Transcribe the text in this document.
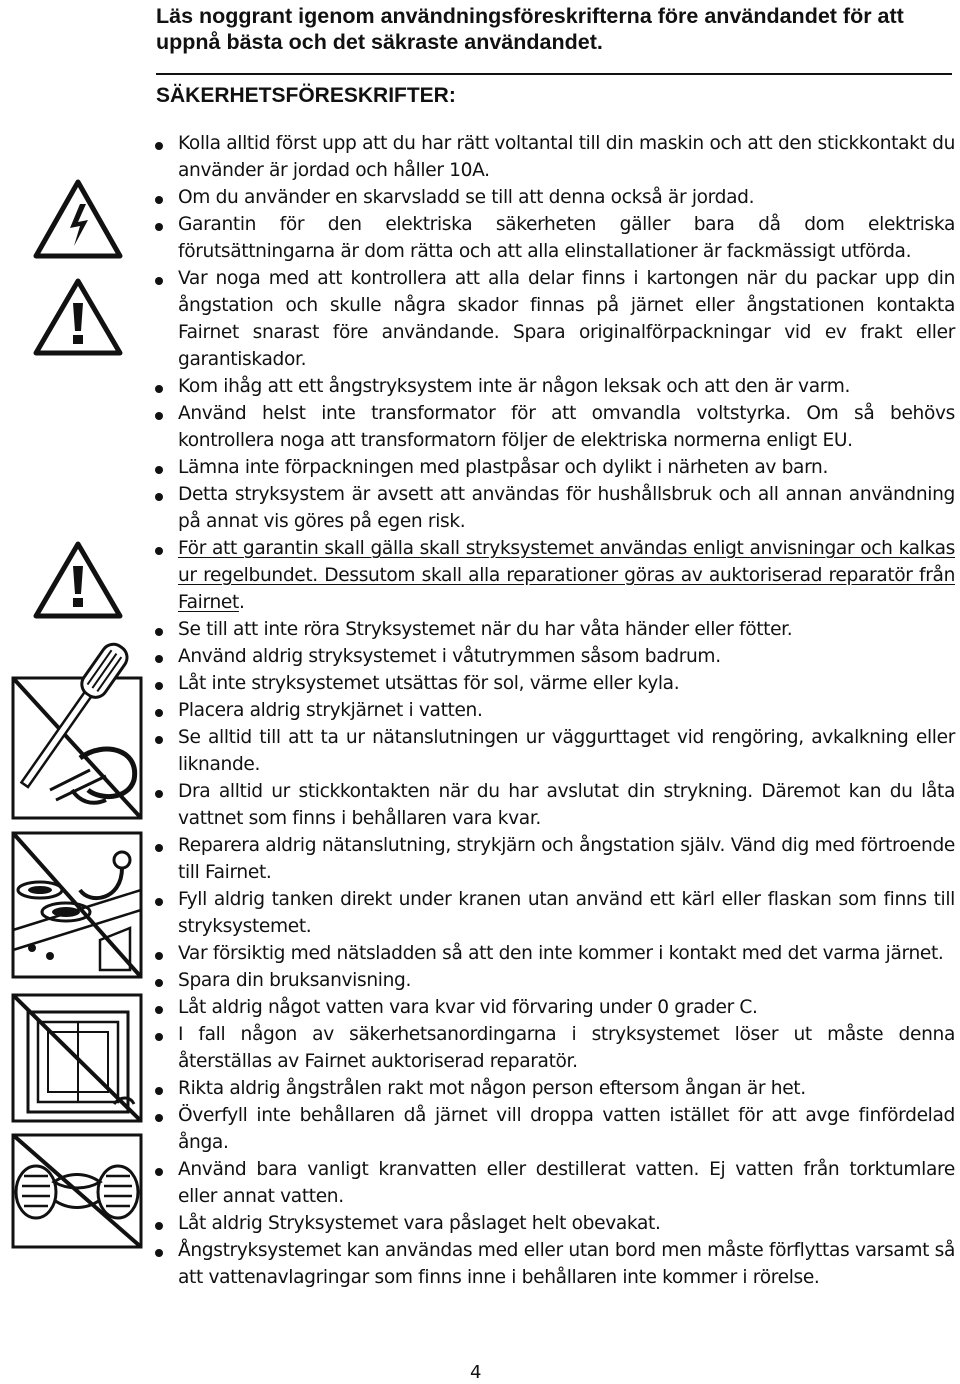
Läs noggrant igenom användningsföreskrifterna före användandet för att uppnå bästa och det säkraste användandet.
SÄKERHETSFÖRESKRIFTER:
Kolla alltid först upp att du har rätt voltantal till din maskin och att den stickkontakt du använder är jordad och håller 10A.
Om du använder en skarvsladd se till att denna också är jordad.
Garantin för den elektriska säkerheten gäller bara då dom elektriska förutsättningarna är dom rätta och att alla elinstallationer är fackmässigt utförda.
Var noga med att kontrollera att alla delar finns i kartongen när du packar upp din ångstation och skulle några skador finnas på järnet eller ångstationen kontakta Fairnet snarast före användande. Spara originalförpackningar vid ev frakt eller garantiskador.
Kom ihåg att ett ångstryksystem inte är någon leksak och att den är varm.
Använd helst inte transformator för att omvandla voltstyrka. Om så behövs kontrollera noga att transformatorn följer de elektriska normerna enligt EU.
Lämna inte förpackningen med plastpåsar och dylikt i närheten av barn.
Detta stryksystem är avsett att användas för hushållsbruk och all annan användning på annat vis göres på egen risk.
För att garantin skall gälla skall stryksystemet användas enligt anvisningar och kalkas ur regelbundet. Dessutom skall alla reparationer göras av auktoriserad reparatör från Fairnet.
Se till att inte röra Stryksystemet när du har våta händer eller fötter.
Använd aldrig stryksystemet i våtutrymmen såsom badrum.
Låt inte stryksystemet utsättas för sol, värme eller kyla.
Placera aldrig strykjärnet i vatten.
Se alltid till att ta ur nätanslutningen ur väggurttaget vid rengöring, avkalkning eller liknande.
Dra alltid ur stickkontakten när du har avslutat din strykning. Däremot kan du låta vattnet som finns i behållaren vara kvar.
Reparera aldrig nätanslutning, strykjärn och ångstation själv. Vänd dig med förtroende till Fairnet.
Fyll aldrig tanken direkt under kranen utan använd ett kärl eller flaskan som finns till stryksystemet.
Var försiktig med nätsladden så att den inte kommer i kontakt med det varma järnet.
Spara din bruksanvisning.
Låt aldrig något vatten vara kvar vid förvaring under 0 grader C.
I fall någon av säkerhetsanordingarna i stryksystemet löser ut måste denna återställas av Fairnet auktoriserad reparatör.
Rikta aldrig ångstrålen rakt mot någon person eftersom ångan är het.
Överfyll inte behållaren då järnet vill droppa vatten istället för att avge finfördelad ånga.
Använd bara vanligt kranvatten eller destillerat vatten. Ej vatten från torktumlare eller annat vatten.
Låt aldrig Stryksystemet vara påslaget helt obevakat.
Ångstryksystemet kan användas med eller utan bord men måste förflyttas varsamt så att vattenavlagringar som finns inne i behållaren inte kommer i rörelse.
4
